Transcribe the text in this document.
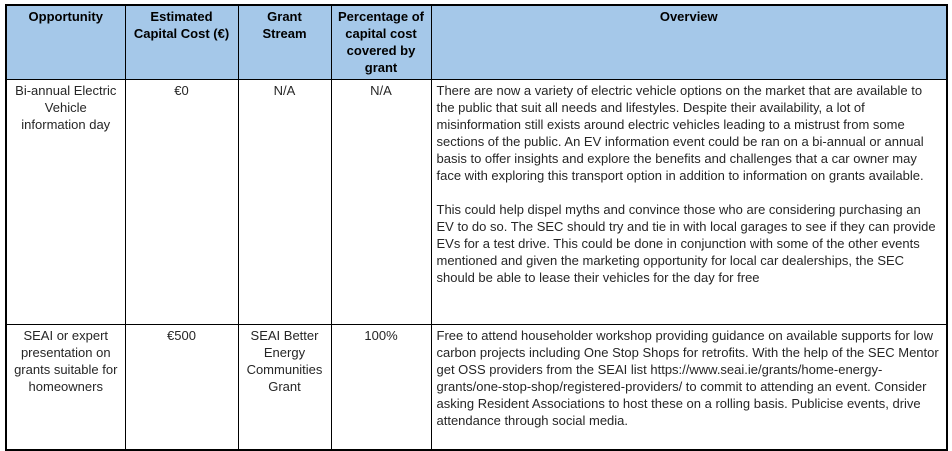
Opportunity	Estimated Capital Cost (€)	Grant Stream	Percentage of capital cost covered by grant	Overview
Bi-annual Electric Vehicle information day	€0	N/A	N/A	There are now a variety of electric vehicle options on the market that are available to the public that suit all needs and lifestyles. Despite their availability, a lot of misinformation still exists around electric vehicles leading to a mistrust from some sections of the public. An EV information event could be ran on a bi-annual or annual basis to offer insights and explore the benefits and challenges that a car owner may face with exploring this transport option in addition to information on grants available.

This could help dispel myths and convince those who are considering purchasing an EV to do so. The SEC should try and tie in with local garages to see if they can provide EVs for a test drive. This could be done in conjunction with some of the other events mentioned and given the marketing opportunity for local car dealerships, the SEC should be able to lease their vehicles for the day for free

SEAI or expert presentation on grants suitable for homeowners	€500	SEAI Better Energy Communities Grant	100%	Free to attend householder workshop providing guidance on available supports for low carbon projects including One Stop Shops for retrofits. With the help of the SEC Mentor get OSS providers from the SEAI list https://www.seai.ie/grants/home-energy-grants/one-stop-shop/registered-providers/ to commit to attending an event. Consider asking Resident Associations to host these on a rolling basis. Publicise events, drive attendance through social media.
